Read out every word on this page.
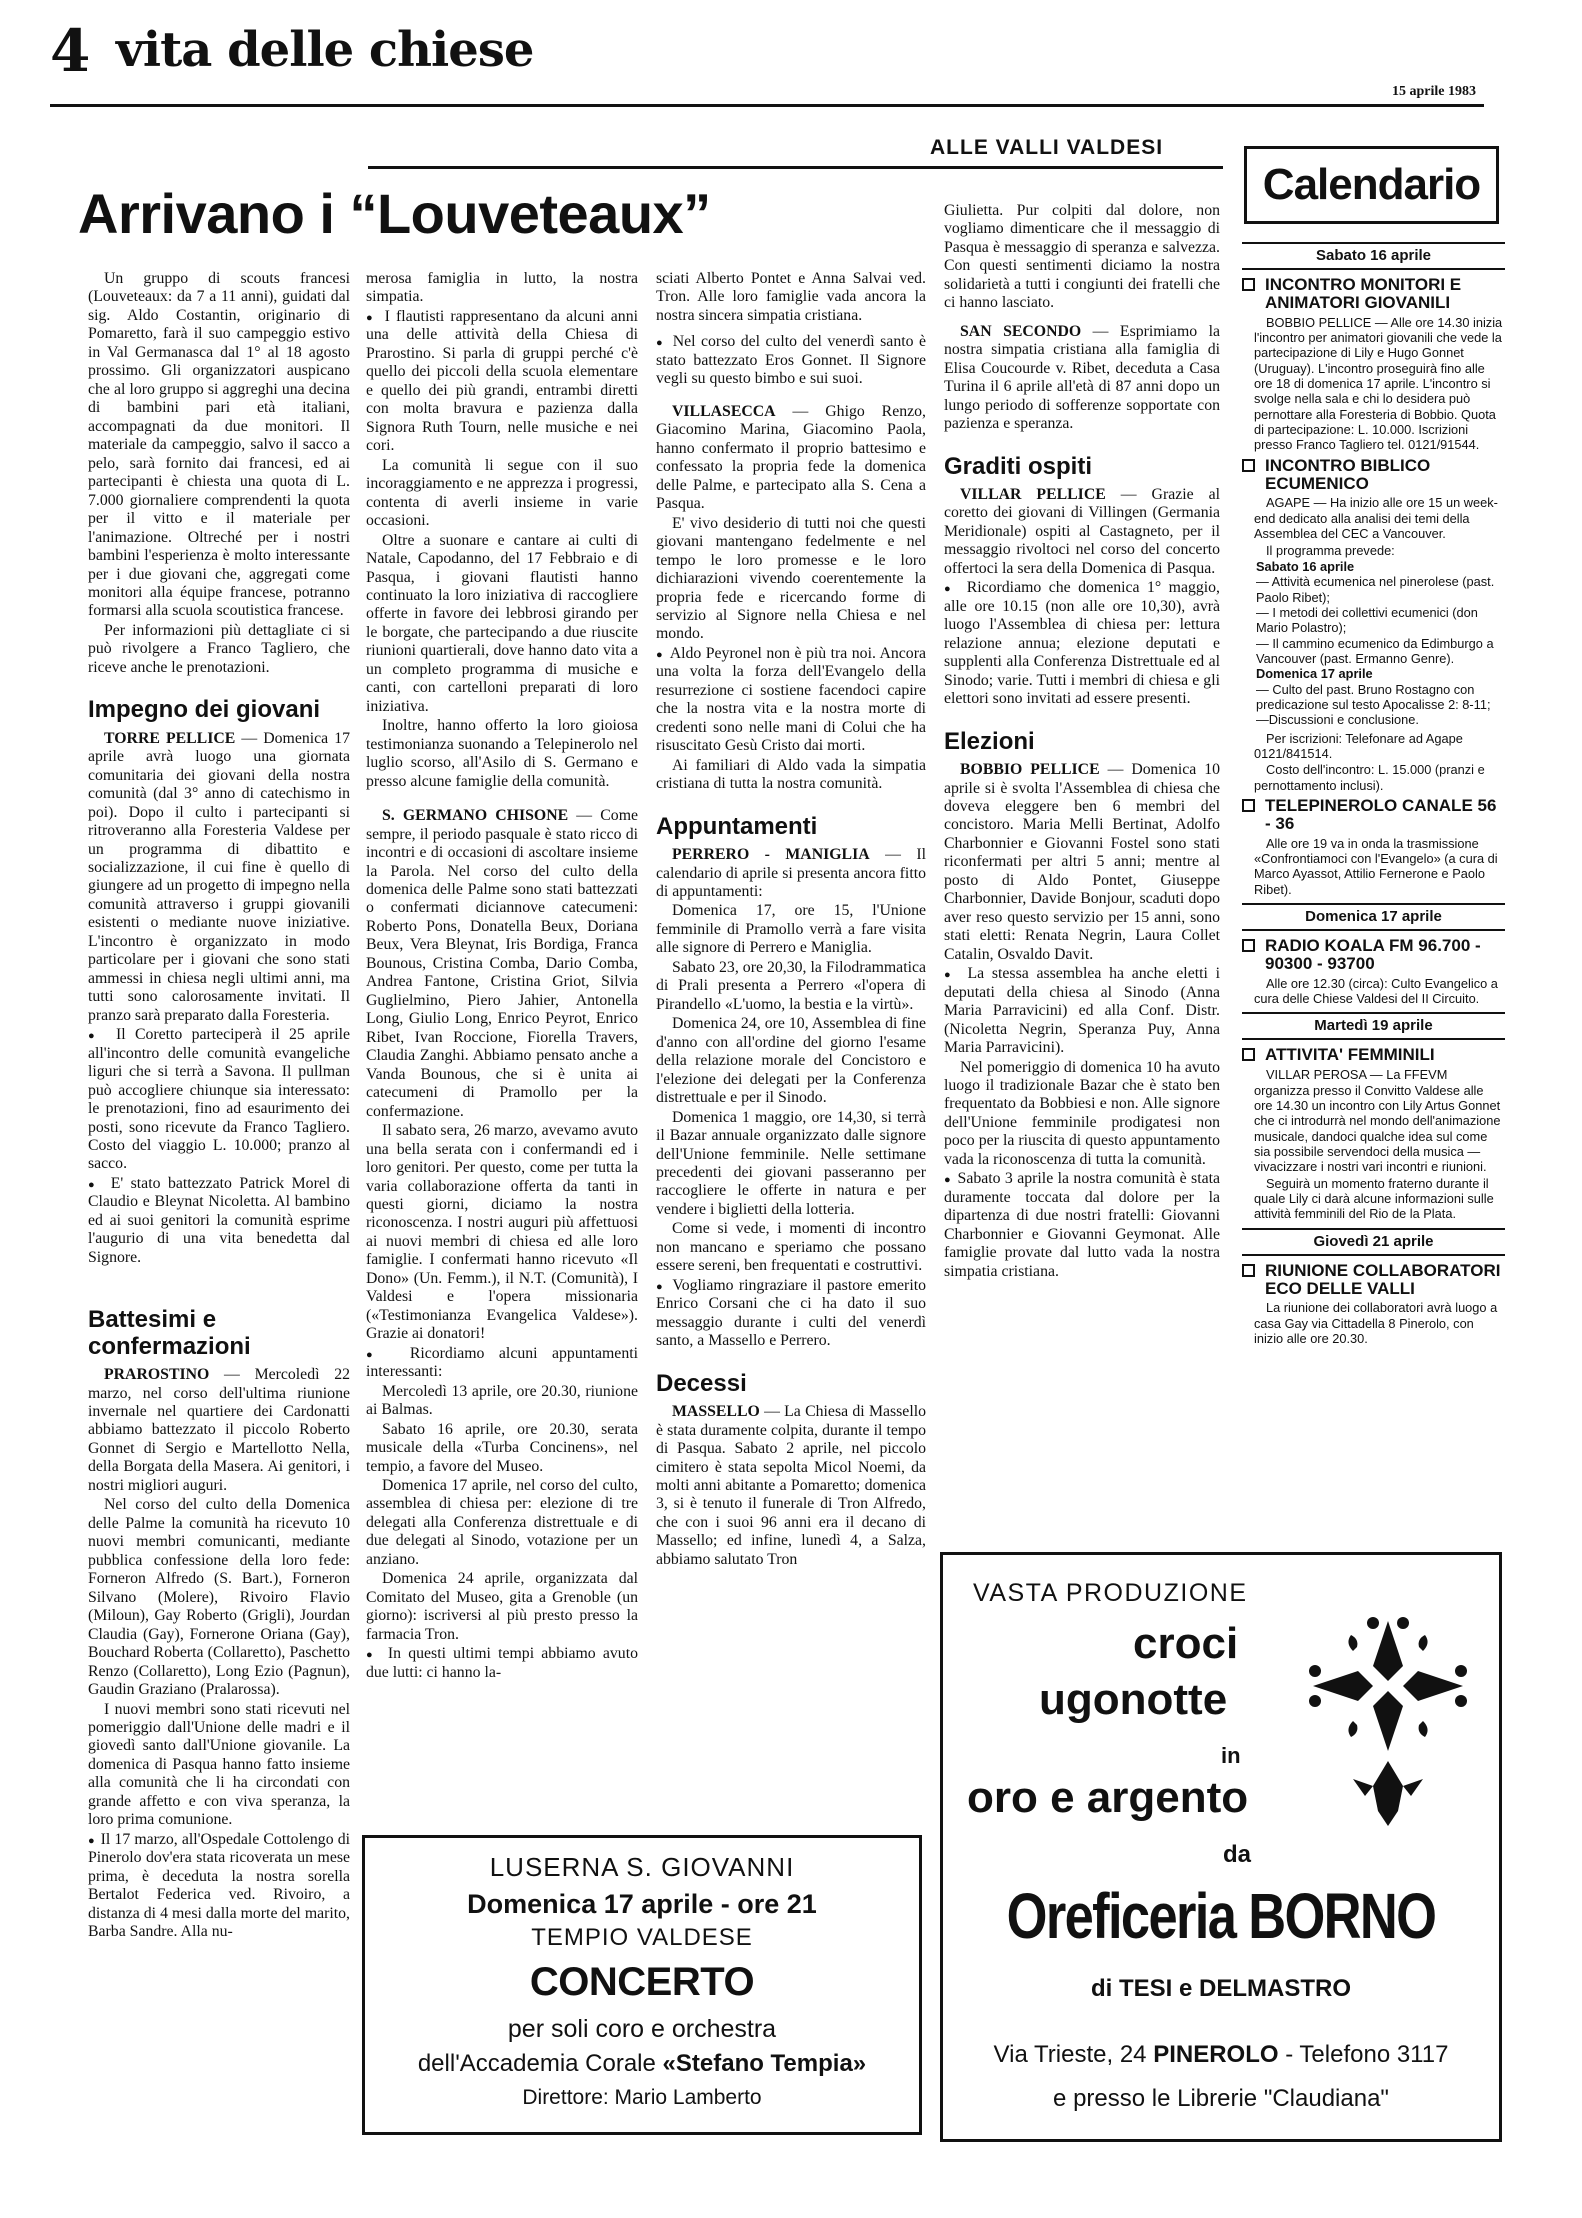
4 vita delle chiese
15 aprile 1983
ALLE VALLI VALDESI
Arrivano i “Louveteaux”

Un gruppo di scouts francesi (Louveteaux: da 7 a 11 anni), guidati dal sig. Aldo Costantin, originario di Pomaretto, farà il suo campeggio estivo in Val Germanasca dal 1° al 18 agosto prossimo. Gli organizzatori auspicano che al loro gruppo si aggreghi una decina di bambini pari età italiani, accompagnati da due monitori. Il materiale da campeggio, salvo il sacco a pelo, sarà fornito dai francesi, ed ai partecipanti è chiesta una quota di L. 7.000 giornaliere comprendenti la quota per il vitto e il materiale per l'animazione. Oltreché per i nostri bambini l'esperienza è molto interessante per i due giovani che, aggregati come monitori alla équipe francese, potranno formarsi alla scuola scoutistica francese.

Per informazioni più dettagliate ci si può rivolgere a Franco Tagliero, che riceve anche le prenotazioni.

Impegno dei giovani

TORRE PELLICE — Domenica 17 aprile avrà luogo una giornata comunitaria dei giovani della nostra comunità (dal 3° anno di catechismo in poi). Dopo il culto i partecipanti si ritroveranno alla Foresteria Valdese per un programma di dibattito e socializzazione, il cui fine è quello di giungere ad un progetto di impegno nella comunità attraverso i gruppi giovanili esistenti o mediante nuove iniziative. L'incontro è organizzato in modo particolare per i giovani che sono stati ammessi in chiesa negli ultimi anni, ma tutti sono calorosamente invitati. Il pranzo sarà preparato dalla Foresteria.

●  Il Coretto parteciperà il 25 aprile all'incontro delle comunità evangeliche liguri che si terrà a Savona. Il pullman può accogliere chiunque sia interessato: le prenotazioni, fino ad esaurimento dei posti, sono ricevute da Franco Tagliero. Costo del viaggio L. 10.000; pranzo al sacco.

●  E' stato battezzato Patrick Morel di Claudio e Bleynat Nicoletta. Al bambino ed ai suoi genitori la comunità esprime l'augurio di una vita benedetta dal Signore.

Battesimi e confermazioni

PRAROSTINO — Mercoledì 22 marzo, nel corso dell'ultima riunione invernale nel quartiere dei Cardonatti abbiamo battezzato il piccolo Roberto Gonnet di Sergio e Martellotto Nella, della Borgata della Masera. Ai genitori, i nostri migliori auguri.

Nel corso del culto della Domenica delle Palme la comunità ha ricevuto 10 nuovi membri comunicanti, mediante pubblica confessione della loro fede: Forneron Alfredo (S. Bart.), Forneron Silvano (Molere), Rivoiro Flavio (Miloun), Gay Roberto (Grigli), Jourdan Claudia (Gay), Fornerone Oriana (Gay), Bouchard Roberta (Collaretto), Paschetto Renzo (Collaretto), Long Ezio (Pagnun), Gaudin Graziano (Pralarossa).

I nuovi membri sono stati ricevuti nel pomeriggio dall'Unione delle madri e il giovedì santo dall'Unione giovanile. La domenica di Pasqua hanno fatto insieme alla comunità che li ha circondati con grande affetto e con viva speranza, la loro prima comunione.

●  Il 17 marzo, all'Ospedale Cottolengo di Pinerolo dov'era stata ricoverata un mese prima, è deceduta la nostra sorella Bertalot Federica ved. Rivoiro, a distanza di 4 mesi dalla morte del marito, Barba Sandre. Alla nu-

merosa famiglia in lutto, la nostra simpatia.

●  I flautisti rappresentano da alcuni anni una delle attività della Chiesa di Prarostino. Si parla di gruppi perché c'è quello dei piccoli della scuola elementare e quello dei più grandi, entrambi diretti con molta bravura e pazienza dalla Signora Ruth Tourn, nelle musiche e nei cori.

La comunità li segue con il suo incoraggiamento e ne apprezza i progressi, contenta di averli insieme in varie occasioni.

Oltre a suonare e cantare ai culti di Natale, Capodanno, del 17 Febbraio e di Pasqua, i giovani flautisti hanno continuato la loro iniziativa di raccogliere offerte in favore dei lebbrosi girando per le borgate, che partecipando a due riuscite riunioni quartierali, dove hanno dato vita a un completo programma di musiche e canti, con cartelloni preparati di loro iniziativa.

Inoltre, hanno offerto la loro gioiosa testimonianza suonando a Telepinerolo nel luglio scorso, all'Asilo di S. Germano e presso alcune famiglie della comunità.

S. GERMANO CHISONE — Come sempre, il periodo pasquale è stato ricco di incontri e di occasioni di ascoltare insieme la Parola. Nel corso del culto della domenica delle Palme sono stati battezzati o confermati diciannove catecumeni: Roberto Pons, Donatella Beux, Doriana Beux, Vera Bleynat, Iris Bordiga, Franca Bounous, Cristina Comba, Dario Comba, Andrea Fantone, Cristina Griot, Silvia Guglielmino, Piero Jahier, Antonella Long, Giulio Long, Enrico Peyrot, Enrico Ribet, Ivan Roccione, Fiorella Travers, Claudia Zanghi. Abbiamo pensato anche a Vanda Bounous, che si è unita ai catecumeni di Pramollo per la confermazione.

Il sabato sera, 26 marzo, avevamo avuto una bella serata con i confermandi ed i loro genitori. Per questo, come per tutta la varia collaborazione offerta da tanti in questi giorni, diciamo la nostra riconoscenza. I nostri auguri più affettuosi ai nuovi membri di chiesa ed alle loro famiglie. I confermati hanno ricevuto «Il Dono» (Un. Femm.), il N.T. (Comunità), I Valdesi e l'opera missionaria («Testimonianza Evangelica Valdese»). Grazie ai donatori!

●  Ricordiamo alcuni appuntamenti interessanti:

Mercoledì 13 aprile, ore 20.30, riunione ai Balmas.

Sabato 16 aprile, ore 20.30, serata musicale della «Turba Concinens», nel tempio, a favore del Museo.

Domenica 17 aprile, nel corso del culto, assemblea di chiesa per: elezione di tre delegati alla Conferenza distrettuale e di due delegati al Sinodo, votazione per un anziano.

Domenica 24 aprile, organizzata dal Comitato del Museo, gita a Grenoble (un giorno): iscriversi al più presto presso la farmacia Tron.

●  In questi ultimi tempi abbiamo avuto due lutti: ci hanno la-

sciati Alberto Pontet e Anna Salvai ved. Tron. Alle loro famiglie vada ancora la nostra sincera simpatia cristiana.

●  Nel corso del culto del venerdì santo è stato battezzato Eros Gonnet. Il Signore vegli su questo bimbo e sui suoi.

VILLASECCA — Ghigo Renzo, Giacomino Marina, Giacomino Paola, hanno confermato il proprio battesimo e confessato la propria fede la domenica delle Palme, e partecipato alla S. Cena a Pasqua.

E' vivo desiderio di tutti noi che questi giovani mantengano fedelmente e nel tempo le loro promesse e le loro dichiarazioni vivendo coerentemente la propria fede e ricercando forme di servizio al Signore nella Chiesa e nel mondo.

●  Aldo Peyronel non è più tra noi. Ancora una volta la forza dell'Evangelo della resurrezione ci sostiene facendoci capire che la nostra vita e la nostra morte di credenti sono nelle mani di Colui che ha risuscitato Gesù Cristo dai morti.

Ai familiari di Aldo vada la simpatia cristiana di tutta la nostra comunità.

Appuntamenti

PERRERO - MANIGLIA — Il calendario di aprile si presenta ancora fitto di appuntamenti:

Domenica 17, ore 15, l'Unione femminile di Pramollo verrà a fare visita alle signore di Perrero e Maniglia.

Sabato 23, ore 20,30, la Filodrammatica di Prali presenta a Perrero «l'opera di Pirandello «L'uomo, la bestia e la virtù».

Domenica 24, ore 10, Assemblea di fine d'anno con all'ordine del giorno l'esame della relazione morale del Concistoro e l'elezione dei delegati per la Conferenza distrettuale e per il Sinodo.

Domenica 1 maggio, ore 14,30, si terrà il Bazar annuale organizzato dalle signore dell'Unione femminile. Nelle settimane precedenti dei giovani passeranno per raccogliere le offerte in natura e per vendere i biglietti della lotteria.

Come si vede, i momenti di incontro non mancano e speriamo che possano essere sereni, ben frequentati e costruttivi.

●  Vogliamo ringraziare il pastore emerito Enrico Corsani che ci ha dato il suo messaggio durante i culti del venerdì santo, a Massello e Perrero.

Decessi

MASSELLO — La Chiesa di Massello è stata duramente colpita, durante il tempo di Pasqua. Sabato 2 aprile, nel piccolo cimitero è stata sepolta Micol Noemi, da molti anni abitante a Pomaretto; domenica 3, si è tenuto il funerale di Tron Alfredo, che con i suoi 96 anni era il decano di Massello; ed infine, lunedì 4, a Salza, abbiamo salutato Tron

Giulietta. Pur colpiti dal dolore, non vogliamo dimenticare che il messaggio di Pasqua è messaggio di speranza e salvezza. Con questi sentimenti diciamo la nostra solidarietà a tutti i congiunti dei fratelli che ci hanno lasciato.

SAN SECONDO — Esprimiamo la nostra simpatia cristiana alla famiglia di Elisa Coucourde v. Ribet, deceduta a Casa Turina il 6 aprile all'età di 87 anni dopo un lungo periodo di sofferenze sopportate con pazienza e speranza.

Graditi ospiti

VILLAR PELLICE — Grazie al coretto dei giovani di Villingen (Germania Meridionale) ospiti al Castagneto, per il messaggio rivoltoci nel corso del concerto offertoci la sera della Domenica di Pasqua.

●  Ricordiamo che domenica 1° maggio, alle ore 10.15 (non alle ore 10,30), avrà luogo l'Assemblea di chiesa per: lettura relazione annua; elezione deputati e supplenti alla Conferenza Distrettuale ed al Sinodo; varie. Tutti i membri di chiesa e gli elettori sono invitati ad essere presenti.

Elezioni

BOBBIO PELLICE — Domenica 10 aprile si è svolta l'Assemblea di chiesa che doveva eleggere ben 6 membri del concistoro. Maria Melli Bertinat, Adolfo Charbonnier e Giovanni Fostel sono stati riconfermati per altri 5 anni; mentre al posto di Aldo Pontet, Giuseppe Charbonnier, Davide Bonjour, scaduti dopo aver reso questo servizio per 15 anni, sono stati eletti: Renata Negrin, Laura Collet Catalin, Osvaldo Davit.

●  La stessa assemblea ha anche eletti i deputati della chiesa al Sinodo (Anna Maria Parravicini) ed alla Conf. Distr. (Nicoletta Negrin, Speranza Puy, Anna Maria Parravicini).

Nel pomeriggio di domenica 10 ha avuto luogo il tradizionale Bazar che è stato ben frequentato da Bobbiesi e non. Alle signore dell'Unione femminile prodigatesi non poco per la riuscita di questo appuntamento vada la riconoscenza di tutta la comunità.

●  Sabato 3 aprile la nostra comunità è stata duramente toccata dal dolore per la dipartenza di due nostri fratelli: Giovanni Charbonnier e Giovanni Geymonat. Alle famiglie provate dal lutto vada la nostra simpatia cristiana.

Calendario
Sabato 16 aprile
INCONTRO MONITORI E ANIMATORI GIOVANILI

BOBBIO PELLICE — Alle ore 14.30 inizia l'incontro per animatori giovanili che vede la partecipazione di Lily e Hugo Gonnet (Uruguay). L'incontro proseguirà fino alle ore 18 di domenica 17 aprile. L'incontro si svolge nella sala e chi lo desidera può pernottare alla Foresteria di Bobbio. Quota di partecipazione: L. 10.000. Iscrizioni presso Franco Tagliero tel. 0121/91544.

INCONTRO BIBLICO ECUMENICO

AGAPE — Ha inizio alle ore 15 un week-end dedicato alla analisi dei temi della Assemblea del CEC a Vancouver.

Il programma prevede:

Sabato 16 aprile

— Attività ecumenica nel pinerolese (past. Paolo Ribet);

— I metodi dei collettivi ecumenici (don Mario Polastro);

— Il cammino ecumenico da Edimburgo a Vancouver (past. Ermanno Genre).

Domenica 17 aprile

— Culto del past. Bruno Rostagno con predicazione sul testo Apocalisse 2: 8-11;

—Discussioni e conclusione.

Per iscrizioni: Telefonare ad Agape 0121/841514.

Costo dell'incontro: L. 15.000 (pranzi e pernottamento inclusi).

TELEPINEROLO CANALE 56 - 36

Alle ore 19 va in onda la trasmissione «Confrontiamoci con l'Evangelo» (a cura di Marco Ayassot, Attilio Fernerone e Paolo Ribet).

Domenica 17 aprile
RADIO KOALA FM 96.700 - 90300 - 93700

Alle ore 12.30 (circa): Culto Evangelico a cura delle Chiese Valdesi del II Circuito.

Martedì 19 aprile
ATTIVITA' FEMMINILI

VILLAR PEROSA — La FFEVM organizza presso il Convitto Valdese alle ore 14.30 un incontro con Lily Artus Gonnet che ci introdurrà nel mondo dell'animazione musicale, dandoci qualche idea sul come sia possibile servendoci della musica — vivacizzare i nostri vari incontri e riunioni.

Seguirà un momento fraterno durante il quale Lily ci darà alcune informazioni sulle attività femminili del Rio de la Plata.

Giovedì 21 aprile
RIUNIONE COLLABORATORI ECO DELLE VALLI

La riunione dei collaboratori avrà luogo a casa Gay via Cittadella 8 Pinerolo, con inizio alle ore 20.30.

LUSERNA S. GIOVANNI
Domenica 17 aprile - ore 21
TEMPIO VALDESE
CONCERTO
per soli coro e orchestra
dell'Accademia Corale «Stefano Tempia»
Direttore: Mario Lamberto
VASTA PRODUZIONE
croci
ugonotte
in
oro e argento
da
Oreficeria BORNO
di TESI e DELMASTRO
Via Trieste, 24 PINEROLO - Telefono 3117
e presso le Librerie "Claudiana"
